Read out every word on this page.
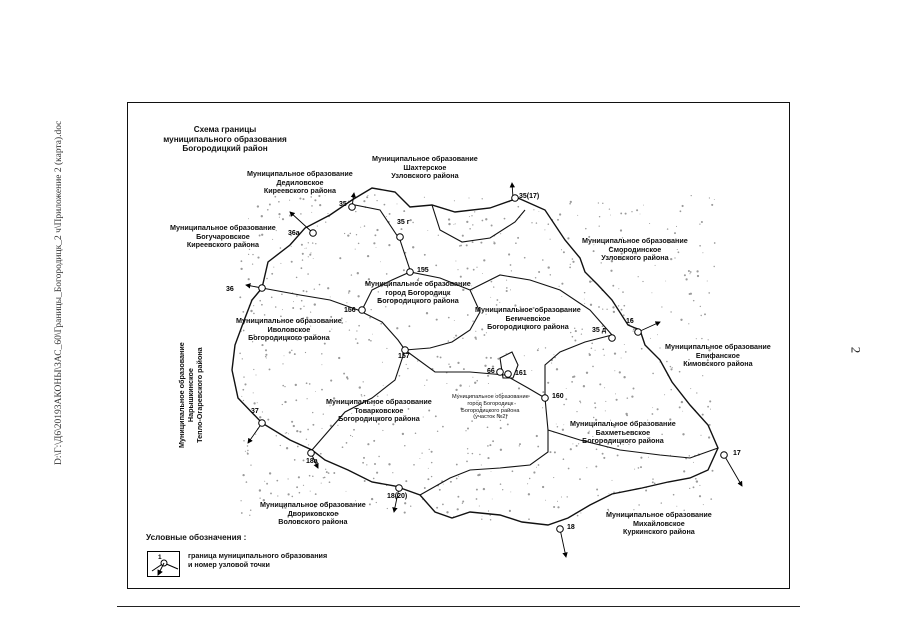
D:\Г:\Д6\20193АКОНЫ\ЗАС_60\Границы_Богородицк_2 ч\Приложение 2 (карта).doc	2
Схема границы
муниципального образования
Богородицкий район
Муниципальное образование
Шахтерское
Узловского района
Муниципальное образование
Дедиловское
Киреевского района
Муниципальное образование
Богучаровское
Киреевского района	Муниципальное образование
Смородинское
Узловского района
Муниципальное образование
город Богородицк
Богородицкого района
Муниципальное образование
Иволовское
Богородицкого района
Муниципальное образование
Бегичевское
Богородицкого района
Муниципальное образование
Епифанское
Кимовского района
Муниципальное образование Нарышкинское Тепло-Огаревского района	Муниципальное образование
Товарковское
Богородицкого района
Муниципальное образование
город Богородицк
Богородицкого района
(участок №2)
Муниципальное образование
Бахметьевское
Богородицкого района
Муниципальное образование
Двориковское
Воловского района
Муниципальное образование
Михайловское
Куркинского района
35
35 г
35(17)
36а
155
36
156
35 д
16
157
66	161
160
37
17
18а
18(20)
18
Условные обозначения :
1	граница муниципального образования
и номер узловой точки
